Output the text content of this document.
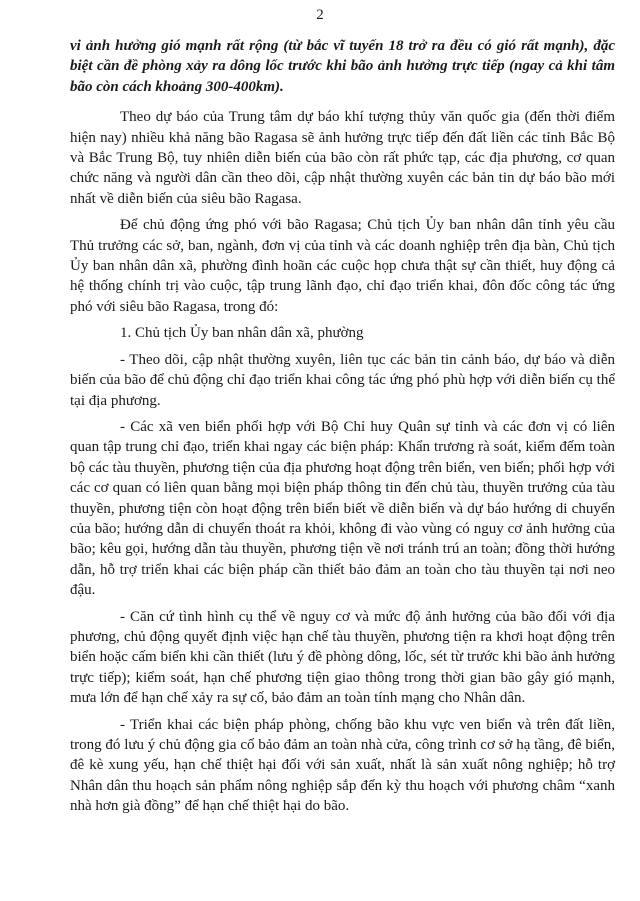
2

vi ảnh hưởng gió mạnh rất rộng (từ bắc vĩ tuyến 18 trở ra đều có gió rất mạnh), đặc biệt cần đề phòng xảy ra dông lốc trước khi bão ảnh hưởng trực tiếp (ngay cả khi tâm bão còn cách khoảng 300-400km).

Theo dự báo của Trung tâm dự báo khí tượng thủy văn quốc gia (đến thời điểm hiện nay) nhiều khả năng bão Ragasa sẽ ảnh hưởng trực tiếp đến đất liền các tỉnh Bắc Bộ và Bắc Trung Bộ, tuy nhiên diễn biến của bão còn rất phức tạp, các địa phương, cơ quan chức năng và người dân cần theo dõi, cập nhật thường xuyên các bản tin dự báo bão mới nhất về diễn biến của siêu bão Ragasa.

Để chủ động ứng phó với bão Ragasa; Chủ tịch Ủy ban nhân dân tỉnh yêu cầu Thủ trưởng các sở, ban, ngành, đơn vị của tỉnh và các doanh nghiệp trên địa bàn, Chủ tịch Ủy ban nhân dân xã, phường đình hoãn các cuộc họp chưa thật sự cần thiết, huy động cả hệ thống chính trị vào cuộc, tập trung lãnh đạo, chỉ đạo triển khai, đôn đốc công tác ứng phó với siêu bão Ragasa, trong đó:

1. Chủ tịch Ủy ban nhân dân xã, phường

- Theo dõi, cập nhật thường xuyên, liên tục các bản tin cảnh báo, dự báo và diễn biến của bão để chủ động chỉ đạo triển khai công tác ứng phó phù hợp với diễn biến cụ thể tại địa phương.

- Các xã ven biển phối hợp với Bộ Chỉ huy Quân sự tỉnh và các đơn vị có liên quan tập trung chỉ đạo, triển khai ngay các biện pháp: Khẩn trương rà soát, kiểm đếm toàn bộ các tàu thuyền, phương tiện của địa phương hoạt động trên biển, ven biển; phối hợp với các cơ quan có liên quan bằng mọi biện pháp thông tin đến chủ tàu, thuyền trưởng của tàu thuyền, phương tiện còn hoạt động trên biển biết về diễn biến và dự báo hướng di chuyển của bão; hướng dẫn di chuyển thoát ra khỏi, không đi vào vùng có nguy cơ ảnh hưởng của bão; kêu gọi, hướng dẫn tàu thuyền, phương tiện về nơi tránh trú an toàn; đồng thời hướng dẫn, hỗ trợ triển khai các biện pháp cần thiết bảo đảm an toàn cho tàu thuyền tại nơi neo đậu.

- Căn cứ tình hình cụ thể về nguy cơ và mức độ ảnh hưởng của bão đối với địa phương, chủ động quyết định việc hạn chế tàu thuyền, phương tiện ra khơi hoạt động trên biển hoặc cấm biển khi cần thiết (lưu ý đề phòng dông, lốc, sét từ trước khi bão ảnh hưởng trực tiếp); kiểm soát, hạn chế phương tiện giao thông trong thời gian bão gây gió mạnh, mưa lớn để hạn chế xảy ra sự cố, bảo đảm an toàn tính mạng cho Nhân dân.

- Triển khai các biện pháp phòng, chống bão khu vực ven biển và trên đất liền, trong đó lưu ý chủ động gia cố bảo đảm an toàn nhà cửa, công trình cơ sở hạ tầng, đê biển, đê kè xung yếu, hạn chế thiệt hại đối với sản xuất, nhất là sản xuất nông nghiệp; hỗ trợ Nhân dân thu hoạch sản phẩm nông nghiệp sắp đến kỳ thu hoạch với phương châm “xanh nhà hơn già đồng” để hạn chế thiệt hại do bão.
